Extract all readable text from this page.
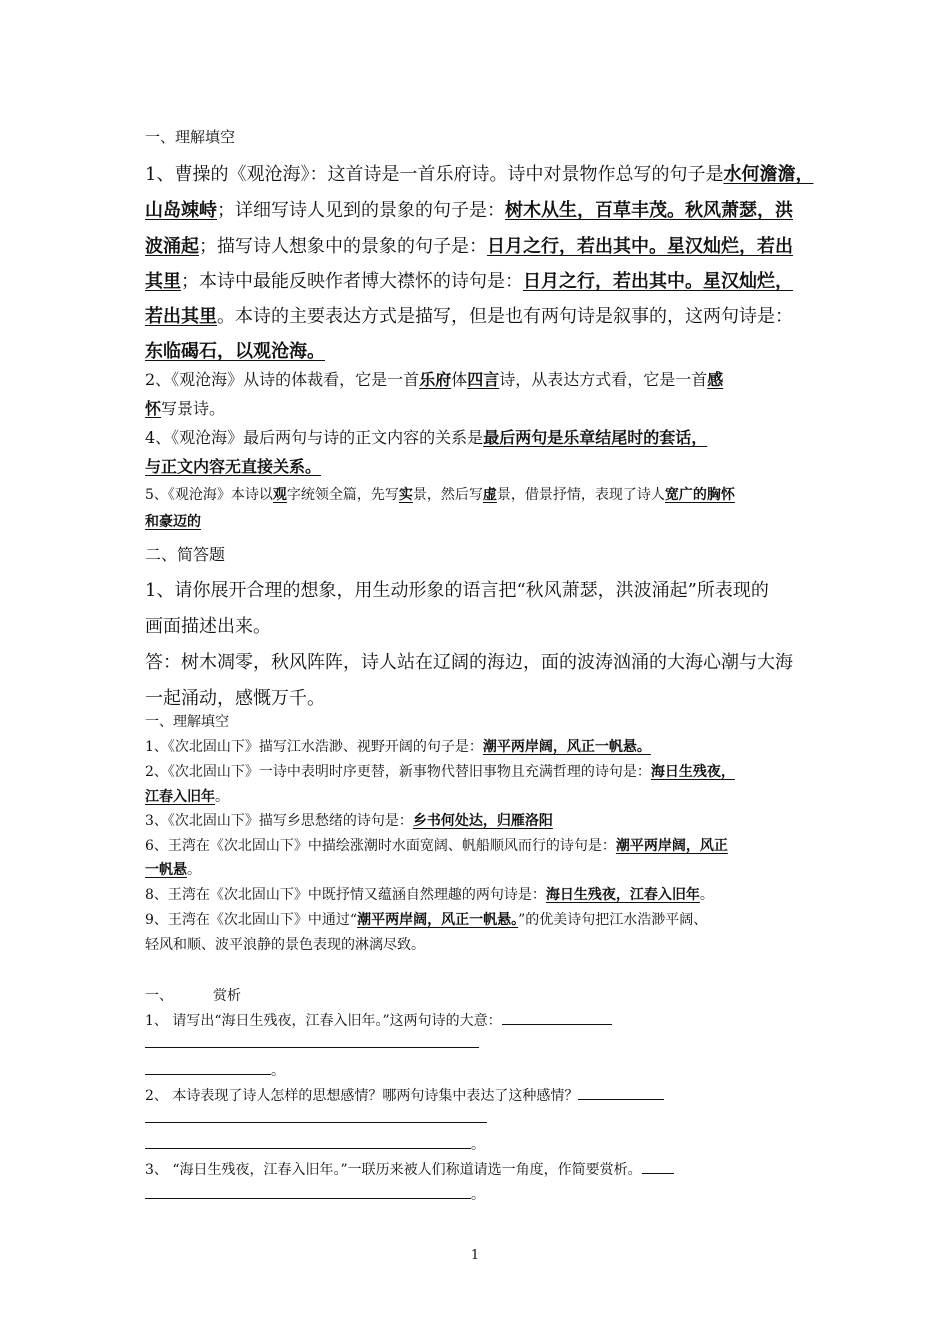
一、理解填空
1、曹操的《观沧海》：这首诗是一首乐府诗。诗中对景物作总写的句子是水何澹澹，
山岛竦峙；详细写诗人见到的景象的句子是：树木从生，百草丰茂。秋风萧瑟，洪
波涌起；描写诗人想象中的景象的句子是：日月之行，若出其中。星汉灿烂，若出
其里；本诗中最能反映作者博大襟怀的诗句是：日月之行，若出其中。星汉灿烂，
若出其里。本诗的主要表达方式是描写，但是也有两句诗是叙事的，这两句诗是：
东临碣石，以观沧海。
2、《观沧海》从诗的体裁看，它是一首乐府体四言诗，从表达方式看，它是一首感
怀写景诗。
4、《观沧海》最后两句与诗的正文内容的关系是最后两句是乐章结尾时的套话，
与正文内容无直接关系。
5、《观沧海》本诗以观字统领全篇，先写实景，然后写虚景，借景抒情，表现了诗人宽广的胸怀
和豪迈的
二、简答题
1、请你展开合理的想象，用生动形象的语言把“秋风萧瑟，洪波涌起”所表现的
画面描述出来。
答：树木凋零，秋风阵阵，诗人站在辽阔的海边，面的波涛汹涌的大海心潮与大海
一起涌动，感慨万千。
一、理解填空
1、《次北固山下》描写江水浩渺、视野开阔的句子是：潮平两岸阔，风正一帆悬。
2、《次北固山下》一诗中表明时序更替，新事物代替旧事物且充满哲理的诗句是：海日生残夜，
江春入旧年。
3、《次北固山下》描写乡思愁绪的诗句是：乡书何处达，归雁洛阳
6、王湾在《次北固山下》中描绘涨潮时水面宽阔、帆船顺风而行的诗句是：潮平两岸阔，风正
一帆悬。
8、王湾在《次北固山下》中既抒情又蕴涵自然理趣的两句诗是：海日生残夜，江春入旧年。
9、王湾在《次北固山下》中通过“潮平两岸阔，风正一帆悬。”的优美诗句把江水浩渺平阔、
轻风和顺、波平浪静的景色表现的淋漓尽致。
一、	赏析
1、 请写出“海日生残夜，江春入旧年。”这两句诗的大意：
。
2、 本诗表现了诗人怎样的思想感情？哪两句诗集中表达了这种感情？
。
3、 “海日生残夜，江春入旧年。”一联历来被人们称道请选一角度，作简要赏析。
。
1
